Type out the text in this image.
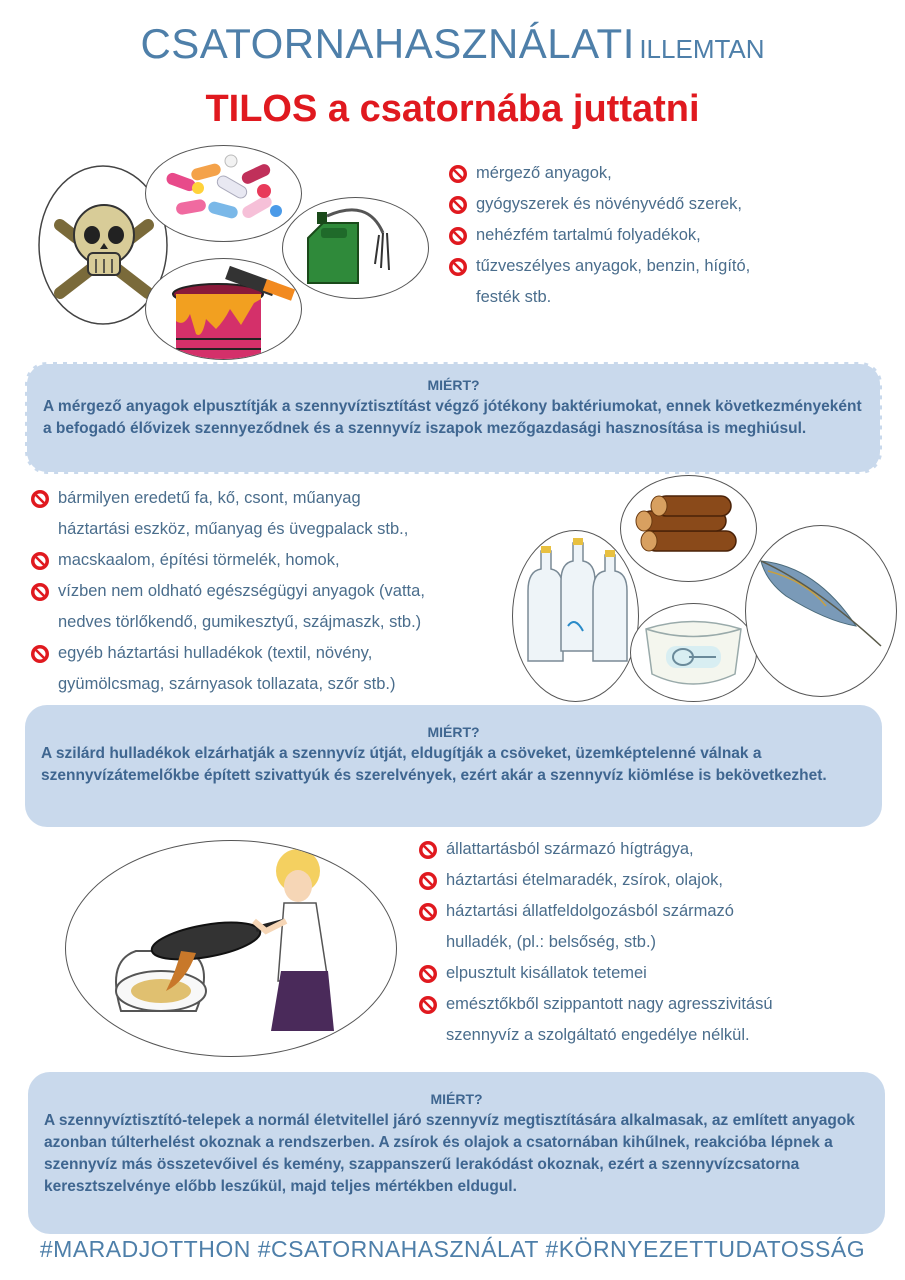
CSATORNAHASZNÁLATI ILLEMTAN
TILOS a csatornába juttatni
mérgező anyagok,
gyógyszerek és növényvédő szerek,
nehézfém tartalmú folyadékok,
tűzveszélyes anyagok, benzin, hígító,
festék stb.
MIÉRT?
A mérgező anyagok elpusztítják a szennyvíztisztítást végző jótékony baktériumokat, ennek következményeként a befogadó élővizek szennyeződnek és a szennyvíz iszapok mezőgazdasági hasznosítása is meghiúsul.
bármilyen eredetű fa, kő, csont, műanyag
háztartási eszköz, műanyag és üvegpalack stb.,
macskaalom, építési törmelék, homok,
vízben nem oldható egészségügyi anyagok (vatta,
nedves törlőkendő, gumikesztyű, szájmaszk, stb.)
egyéb háztartási hulladékok (textil, növény,
gyümölcsmag, szárnyasok tollazata, szőr stb.)
MIÉRT?
A szilárd hulladékok elzárhatják a szennyvíz útját, eldugítják a csöveket, üzemképtelenné válnak a szennyvízátemelőkbe épített szivattyúk és szerelvények, ezért akár a szennyvíz kiömlése is bekövetkezhet.
állattartásból származó hígtrágya,
háztartási ételmaradék, zsírok, olajok,
háztartási állatfeldolgozásból származó
hulladék, (pl.: belsőség, stb.)
elpusztult kisállatok tetemei
emésztőkből szippantott nagy agresszivitású
szennyvíz a szolgáltató engedélye nélkül.
MIÉRT?
A szennyvíztisztító-telepek a normál életvitellel járó szennyvíz megtisztítására alkalmasak, az említett anyagok azonban túlterhelést okoznak a rendszerben. A zsírok és olajok a csatornában kihűlnek, reakcióba lépnek a szennyvíz más összetevőivel és kemény, szappanszerű lerakódást okoznak, ezért a szennyvízcsatorna keresztszelvénye előbb leszűkül, majd teljes mértékben eldugul.
#MARADJOTTHON #CSATORNAHASZNÁLAT #KÖRNYEZETTUDATOSSÁG
